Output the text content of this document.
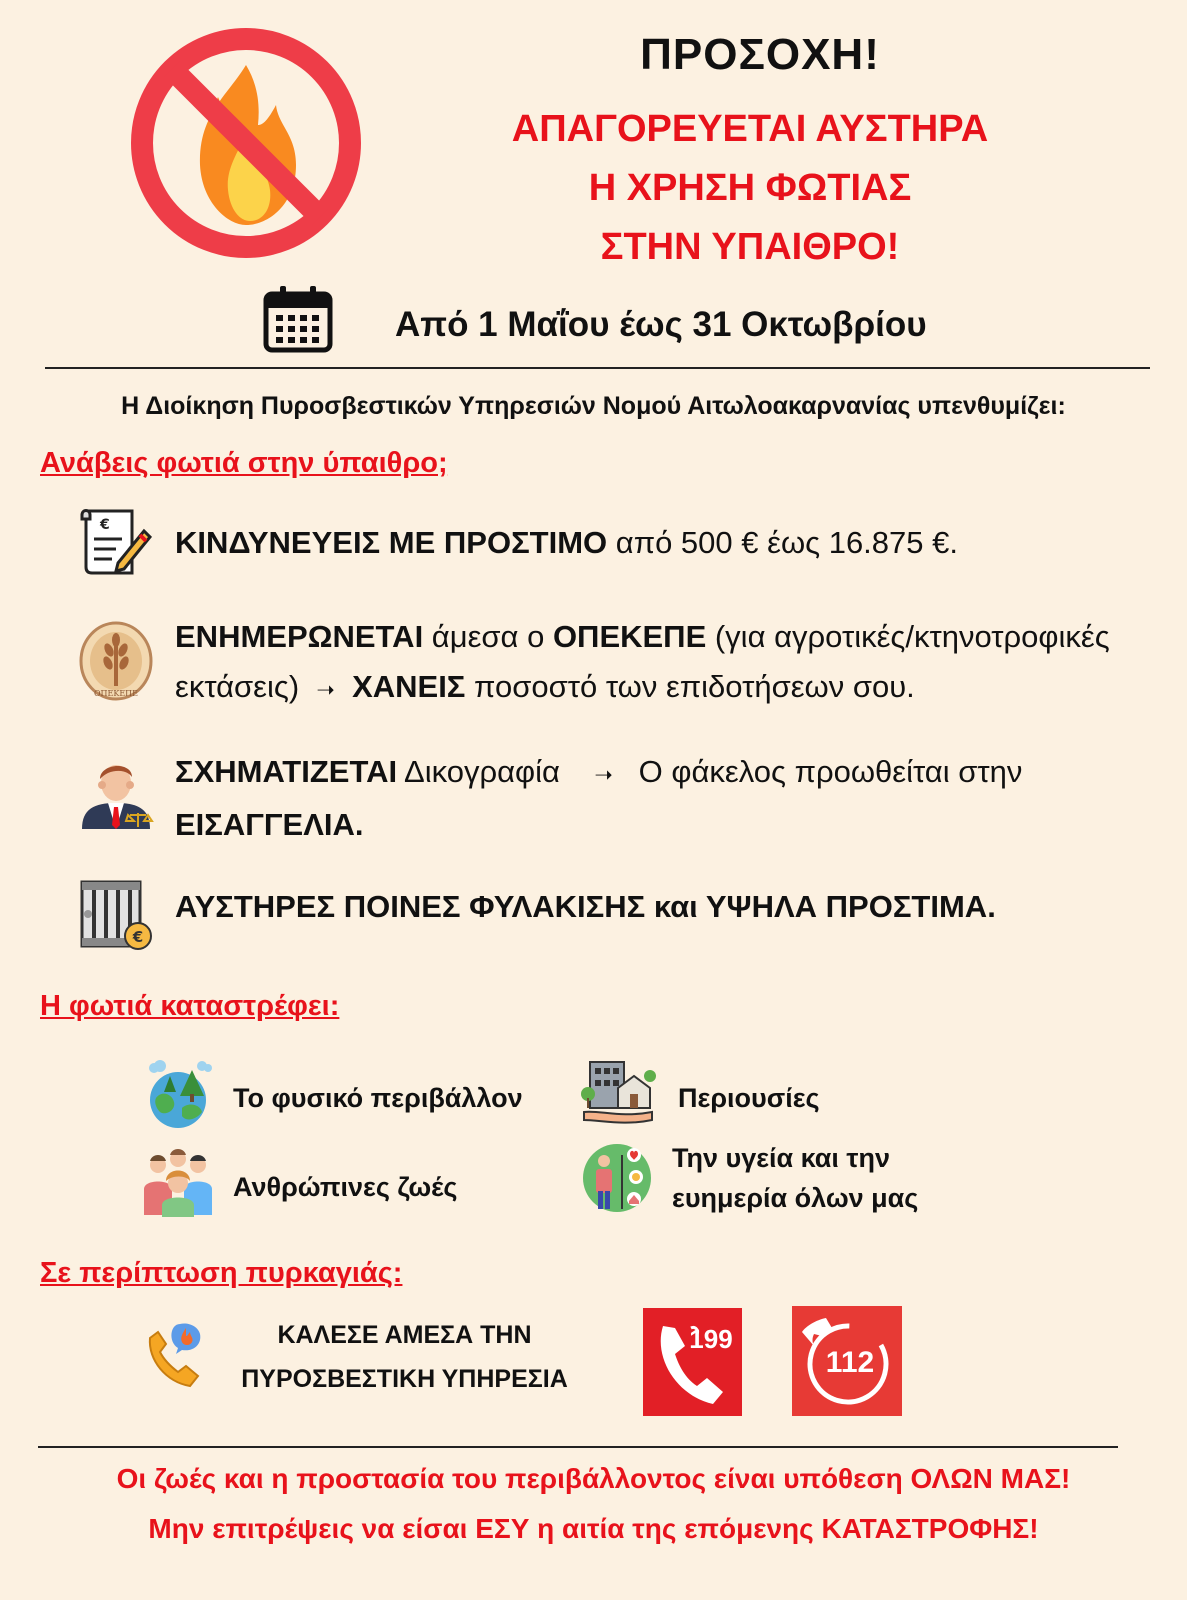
ΠΡΟΣΟΧΗ!
ΑΠΑΓΟΡΕΥΕΤΑΙ ΑΥΣΤΗΡΑ
Η ΧΡΗΣΗ ΦΩΤΙΑΣ
ΣΤΗΝ ΥΠΑΙΘΡΟ!
Από 1 Μαΐου έως 31 Οκτωβρίου
Η Διοίκηση Πυροσβεστικών Υπηρεσιών Νομού Αιτωλοακαρνανίας υπενθυμίζει:
Ανάβεις φωτιά στην ύπαιθρο;
€ ΚΙΝΔΥΝΕΥΕΙΣ ΜΕ ΠΡΟΣΤΙΜΟ από 500 € έως 16.875 €.
ΟΠΕΚΕΠΕ
ΕΝΗΜΕΡΩΝΕΤΑΙ άμεσα ο ΟΠΕΚΕΠΕ (για αγροτικές/κτηνοτροφικές
εκτάσεις) ➝ ΧΑΝΕΙΣ ποσοστό των επιδοτήσεων σου.
ΣΧΗΜΑΤΙΖΕΤΑΙ Δικογραφία ➝ Ο φάκελος προωθείται στην
ΕΙΣΑΓΓΕΛΙΑ.
€
ΑΥΣΤΗΡΕΣ ΠΟΙΝΕΣ ΦΥΛΑΚΙΣΗΣ και ΥΨΗΛΑ ΠΡΟΣΤΙΜΑ.
Η φωτιά καταστρέφει:
Το φυσικό περιβάλλον	Περιουσίες
Ανθρώπινες ζωές
Την υγεία και την
ευημερία όλων μας
Σε περίπτωση πυρκαγιάς:
ΚΑΛΕΣΕ ΑΜΕΣΑ ΤΗΝ
ΠΥΡΟΣΒΕΣΤΙΚΗ ΥΠΗΡΕΣΙΑ
199
112
Οι ζωές και η προστασία του περιβάλλοντος είναι υπόθεση ΟΛΩΝ ΜΑΣ!
Μην επιτρέψεις να είσαι ΕΣΥ η αιτία της επόμενης ΚΑΤΑΣΤΡΟΦΗΣ!
